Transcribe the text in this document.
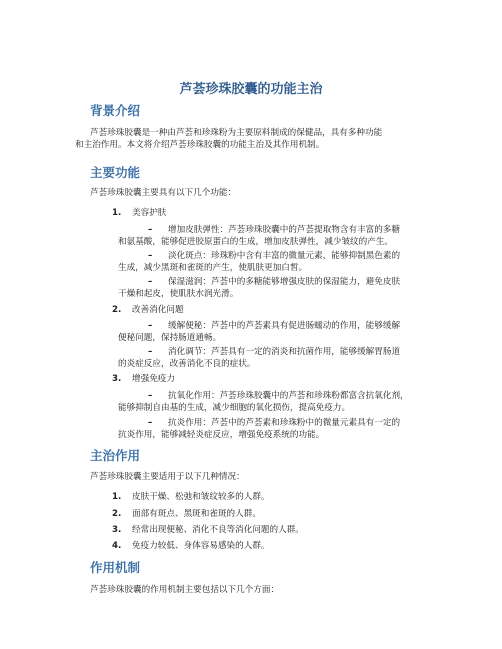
芦荟珍珠胶囊的功能主治
背景介绍
芦荟珍珠胶囊是一种由芦荟和珍珠粉为主要原料制成的保健品，具有多种功能
和主治作用。本文将介绍芦荟珍珠胶囊的功能主治及其作用机制。
主要功能
芦荟珍珠胶囊主要具有以下几个功能：
1. 美容护肤
– 增加皮肤弹性：芦荟珍珠胶囊中的芦荟提取物含有丰富的多糖
和氨基酸，能够促进胶原蛋白的生成，增加皮肤弹性，减少皱纹的产生。
– 淡化斑点：珍珠粉中含有丰富的微量元素，能够抑制黑色素的
生成，减少黑斑和雀斑的产生，使肌肤更加白皙。
– 保湿滋润：芦荟中的多糖能够增强皮肤的保湿能力，避免皮肤
干燥和起皮，使肌肤水润光滑。
2. 改善消化问题
– 缓解便秘：芦荟中的芦荟素具有促进肠蠕动的作用，能够缓解
便秘问题，保持肠道通畅。
– 消化调节：芦荟具有一定的消炎和抗菌作用，能够缓解胃肠道
的炎症反应，改善消化不良的症状。
3. 增强免疫力
– 抗氧化作用：芦荟珍珠胶囊中的芦荟和珍珠粉都富含抗氧化剂，
能够抑制自由基的生成，减少细胞的氧化损伤，提高免疫力。
– 抗炎作用：芦荟中的芦荟素和珍珠粉中的微量元素具有一定的
抗炎作用，能够减轻炎症反应，增强免疫系统的功能。
主治作用
芦荟珍珠胶囊主要适用于以下几种情况：
1. 皮肤干燥、松弛和皱纹较多的人群。
2. 面部有斑点、黑斑和雀斑的人群。
3. 经常出现便秘、消化不良等消化问题的人群。
4. 免疫力较低、身体容易感染的人群。
作用机制
芦荟珍珠胶囊的作用机制主要包括以下几个方面：
